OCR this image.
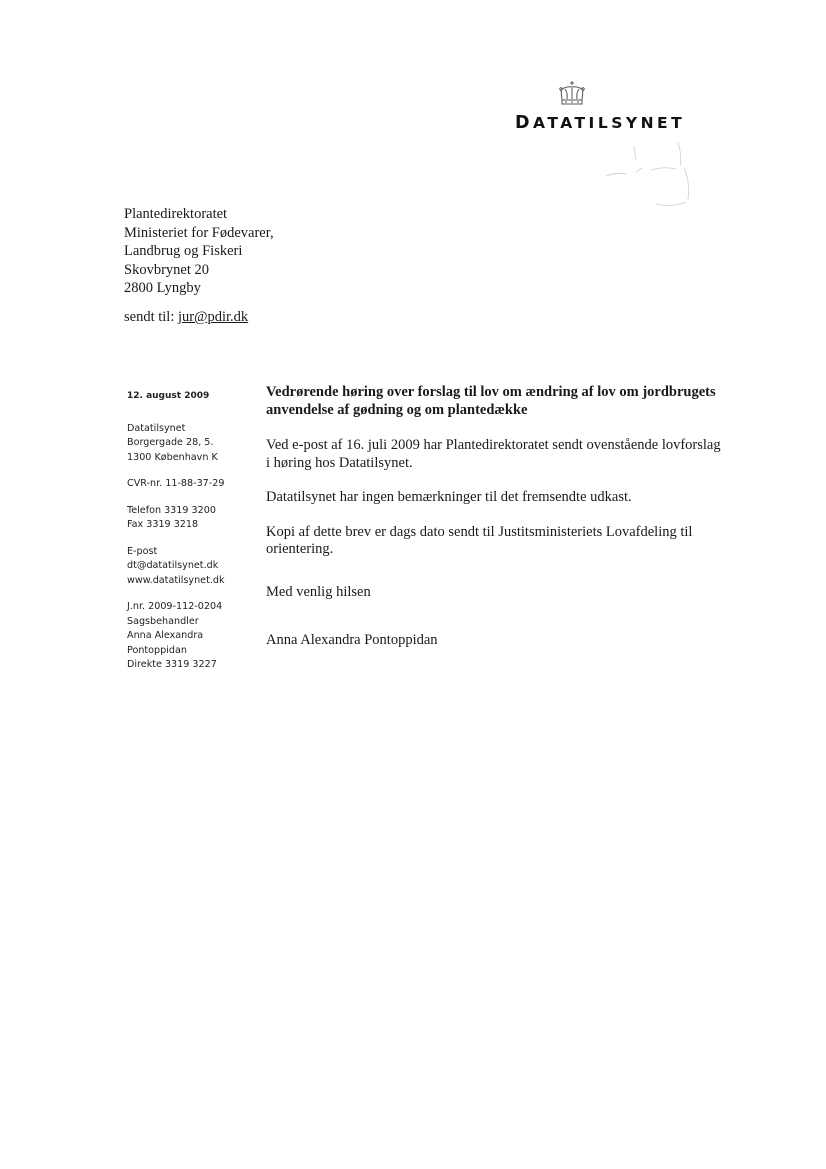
DATATILSYNET
Plantedirektoratet
Ministeriet for Fødevarer,
Landbrug og Fiskeri
Skovbrynet 20
2800 Lyngby
sendt til: jur@pdir.dk
12. august 2009
Datatilsynet
Borgergade 28, 5.
1300 København K
CVR-nr. 11-88-37-29
Telefon 3319 3200
Fax 3319 3218
E-post
dt@datatilsynet.dk
www.datatilsynet.dk
J.nr. 2009-112-0204
Sagsbehandler
Anna Alexandra
Pontoppidan
Direkte 3319 3227

Vedrørende høring over forslag til lov om ændring af lov om jordbrugets anvendelse af gødning og om plantedække

Ved e-post af 16. juli 2009 har Plantedirektoratet sendt ovenstående lovforslag i høring hos Datatilsynet.

Datatilsynet har ingen bemærkninger til det fremsendte udkast.

Kopi af dette brev er dags dato sendt til Justitsministeriets Lovafdeling til orientering.

Med venlig hilsen

Anna Alexandra Pontoppidan
